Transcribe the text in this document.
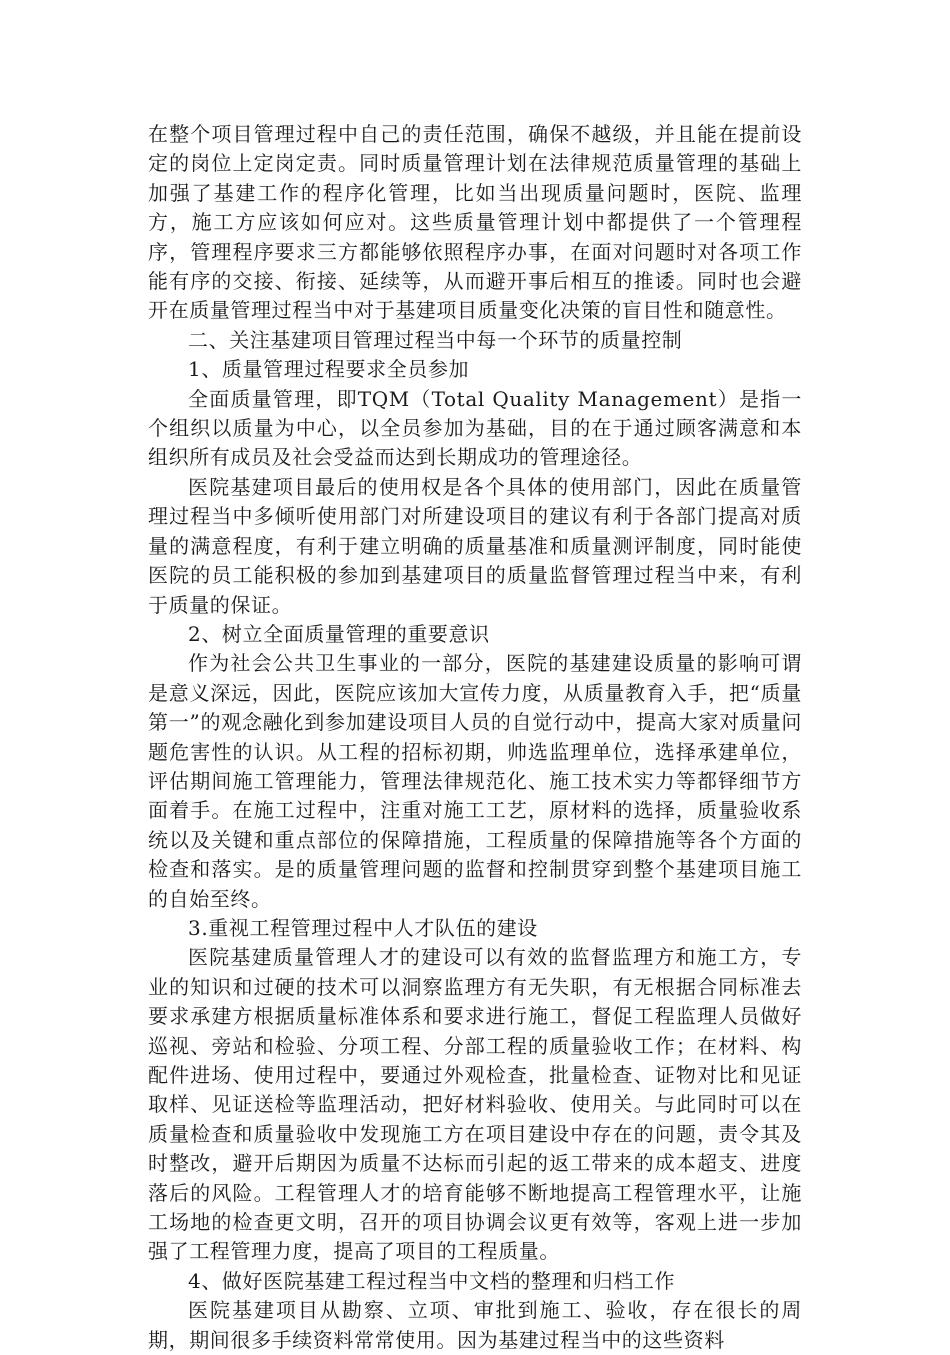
在整个项目管理过程中自己的责任范围，确保不越级，并且能在提前设定的岗位上定岗定责。同时质量管理计划在法律规范质量管理的基础上加强了基建工作的程序化管理，比如当出现质量问题时，医院、监理方，施工方应该如何应对。这些质量管理计划中都提供了一个管理程序，管理程序要求三方都能够依照程序办事，在面对问题时对各项工作能有序的交接、衔接、延续等，从而避开事后相互的推诿。同时也会避开在质量管理过程当中对于基建项目质量变化决策的盲目性和随意性。

二、关注基建项目管理过程当中每一个环节的质量控制

1、质量管理过程要求全员参加

全面质量管理，即TQM（Total Quality Management）是指一个组织以质量为中心，以全员参加为基础，目的在于通过顾客满意和本组织所有成员及社会受益而达到长期成功的管理途径。

医院基建项目最后的使用权是各个具体的使用部门，因此在质量管理过程当中多倾听使用部门对所建设项目的建议有利于各部门提高对质量的满意程度，有利于建立明确的质量基准和质量测评制度，同时能使医院的员工能积极的参加到基建项目的质量监督管理过程当中来，有利于质量的保证。

2、树立全面质量管理的重要意识

作为社会公共卫生事业的一部分，医院的基建建设质量的影响可谓是意义深远，因此，医院应该加大宣传力度，从质量教育入手，把“质量第一”的观念融化到参加建设项目人员的自觉行动中，提高大家对质量问题危害性的认识。从工程的招标初期，帅选监理单位，选择承建单位，评估期间施工管理能力，管理法律规范化、施工技术实力等都铎细节方面着手。在施工过程中，注重对施工工艺，原材料的选择，质量验收系统以及关键和重点部位的保障措施，工程质量的保障措施等各个方面的检查和落实。是的质量管理问题的监督和控制贯穿到整个基建项目施工的自始至终。

3.重视工程管理过程中人才队伍的建设

医院基建质量管理人才的建设可以有效的监督监理方和施工方，专业的知识和过硬的技术可以洞察监理方有无失职，有无根据合同标准去要求承建方根据质量标准体系和要求进行施工，督促工程监理人员做好巡视、旁站和检验、分项工程、分部工程的质量验收工作；在材料、构配件进场、使用过程中，要通过外观检查，批量检查、证物对比和见证取样、见证送检等监理活动，把好材料验收、使用关。与此同时可以在质量检查和质量验收中发现施工方在项目建设中存在的问题，责令其及时整改，避开后期因为质量不达标而引起的返工带来的成本超支、进度落后的风险。工程管理人才的培育能够不断地提高工程管理水平，让施工场地的检查更文明，召开的项目协调会议更有效等，客观上进一步加强了工程管理力度，提高了项目的工程质量。

4、做好医院基建工程过程当中文档的整理和归档工作

医院基建项目从勘察、立项、审批到施工、验收，存在很长的周期，期间很多手续资料常常使用。因为基建过程当中的这些资料
